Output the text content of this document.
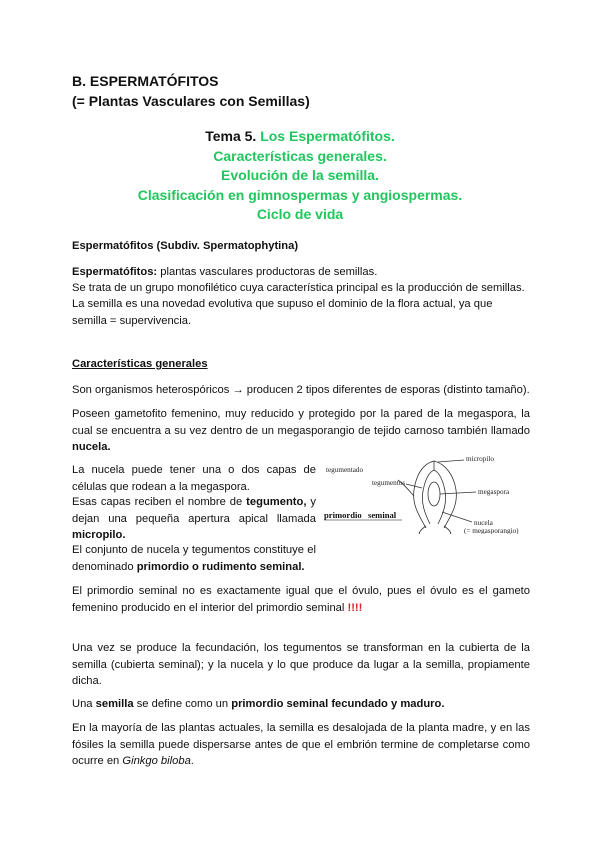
B. ESPERMATÓFITOS
(= Plantas Vasculares con Semillas)
Tema 5. Los Espermatófitos.
Características generales.
Evolución de la semilla.
Clasificación en gimnospermas y angiospermas.
Ciclo de vida
Espermatófitos (Subdiv. Spermatophytina)
Espermatófitos: plantas vasculares productoras de semillas.
Se trata de un grupo monofilético cuya característica principal es la producción de semillas.
La semilla es una novedad evolutiva que supuso el dominio de la flora actual, ya que semilla = supervivencia.
Características generales
Son organismos heterospóricos → producen 2 tipos diferentes de esporas (distinto tamaño).
Poseen gametofito femenino, muy reducido y protegido por la pared de la megaspora, la cual se encuentra a su vez dentro de un megasporangio de tejido carnoso también llamado nucela.
La nucela puede tener una o dos capas de células que rodean a la megaspora.
Esas capas reciben el nombre de tegumento, y dejan una pequeña apertura apical llamada micropilo.
tegumentado
tegumentos
micropilo
megaspora
primordio seminal
nucela
(= megasporangio)
El conjunto de nucela y tegumentos constituye el denominado primordio o rudimento seminal.
El primordio seminal no es exactamente igual que el óvulo, pues el óvulo es el gameto femenino producido en el interior del primordio seminal !!!!
Una vez se produce la fecundación, los tegumentos se transforman en la cubierta de la semilla (cubierta seminal); y la nucela y lo que produce da lugar a la semilla, propiamente dicha.
Una semilla se define como un primordio seminal fecundado y maduro.
En la mayoría de las plantas actuales, la semilla es desalojada de la planta madre, y en las fósiles la semilla puede dispersarse antes de que el embrión termine de completarse como ocurre en Ginkgo biloba.
